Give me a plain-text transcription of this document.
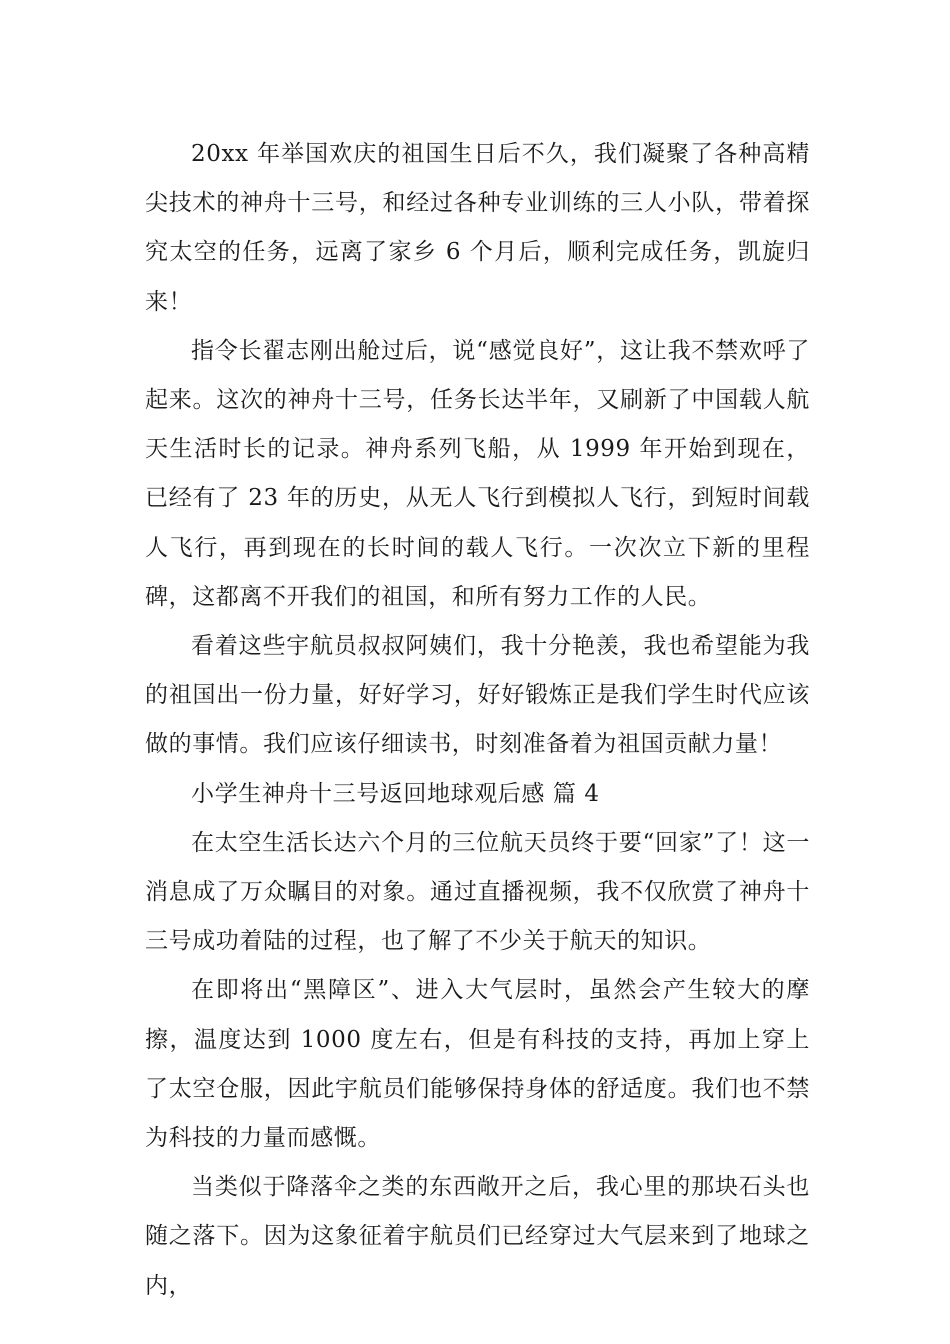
20xx 年举国欢庆的祖国生日后不久，我们凝聚了各种高精尖技术的神舟十三号，和经过各种专业训练的三人小队，带着探究太空的任务，远离了家乡 6 个月后，顺利完成任务，凯旋归来！

指令长翟志刚出舱过后，说“感觉良好”，这让我不禁欢呼了起来。这次的神舟十三号，任务长达半年，又刷新了中国载人航天生活时长的记录。神舟系列飞船，从 1999 年开始到现在，已经有了 23 年的历史，从无人飞行到模拟人飞行，到短时间载人飞行，再到现在的长时间的载人飞行。一次次立下新的里程碑，这都离不开我们的祖国，和所有努力工作的人民。

看着这些宇航员叔叔阿姨们，我十分艳羡，我也希望能为我的祖国出一份力量，好好学习，好好锻炼正是我们学生时代应该做的事情。我们应该仔细读书，时刻准备着为祖国贡献力量！

小学生神舟十三号返回地球观后感 篇 4

在太空生活长达六个月的三位航天员终于要“回家”了！这一消息成了万众瞩目的对象。通过直播视频，我不仅欣赏了神舟十三号成功着陆的过程，也了解了不少关于航天的知识。

在即将出“黑障区”、进入大气层时，虽然会产生较大的摩擦，温度达到 1000 度左右，但是有科技的支持，再加上穿上了太空仓服，因此宇航员们能够保持身体的舒适度。我们也不禁为科技的力量而感慨。

当类似于降落伞之类的东西敞开之后，我心里的那块石头也随之落下。因为这象征着宇航员们已经穿过大气层来到了地球之内，
